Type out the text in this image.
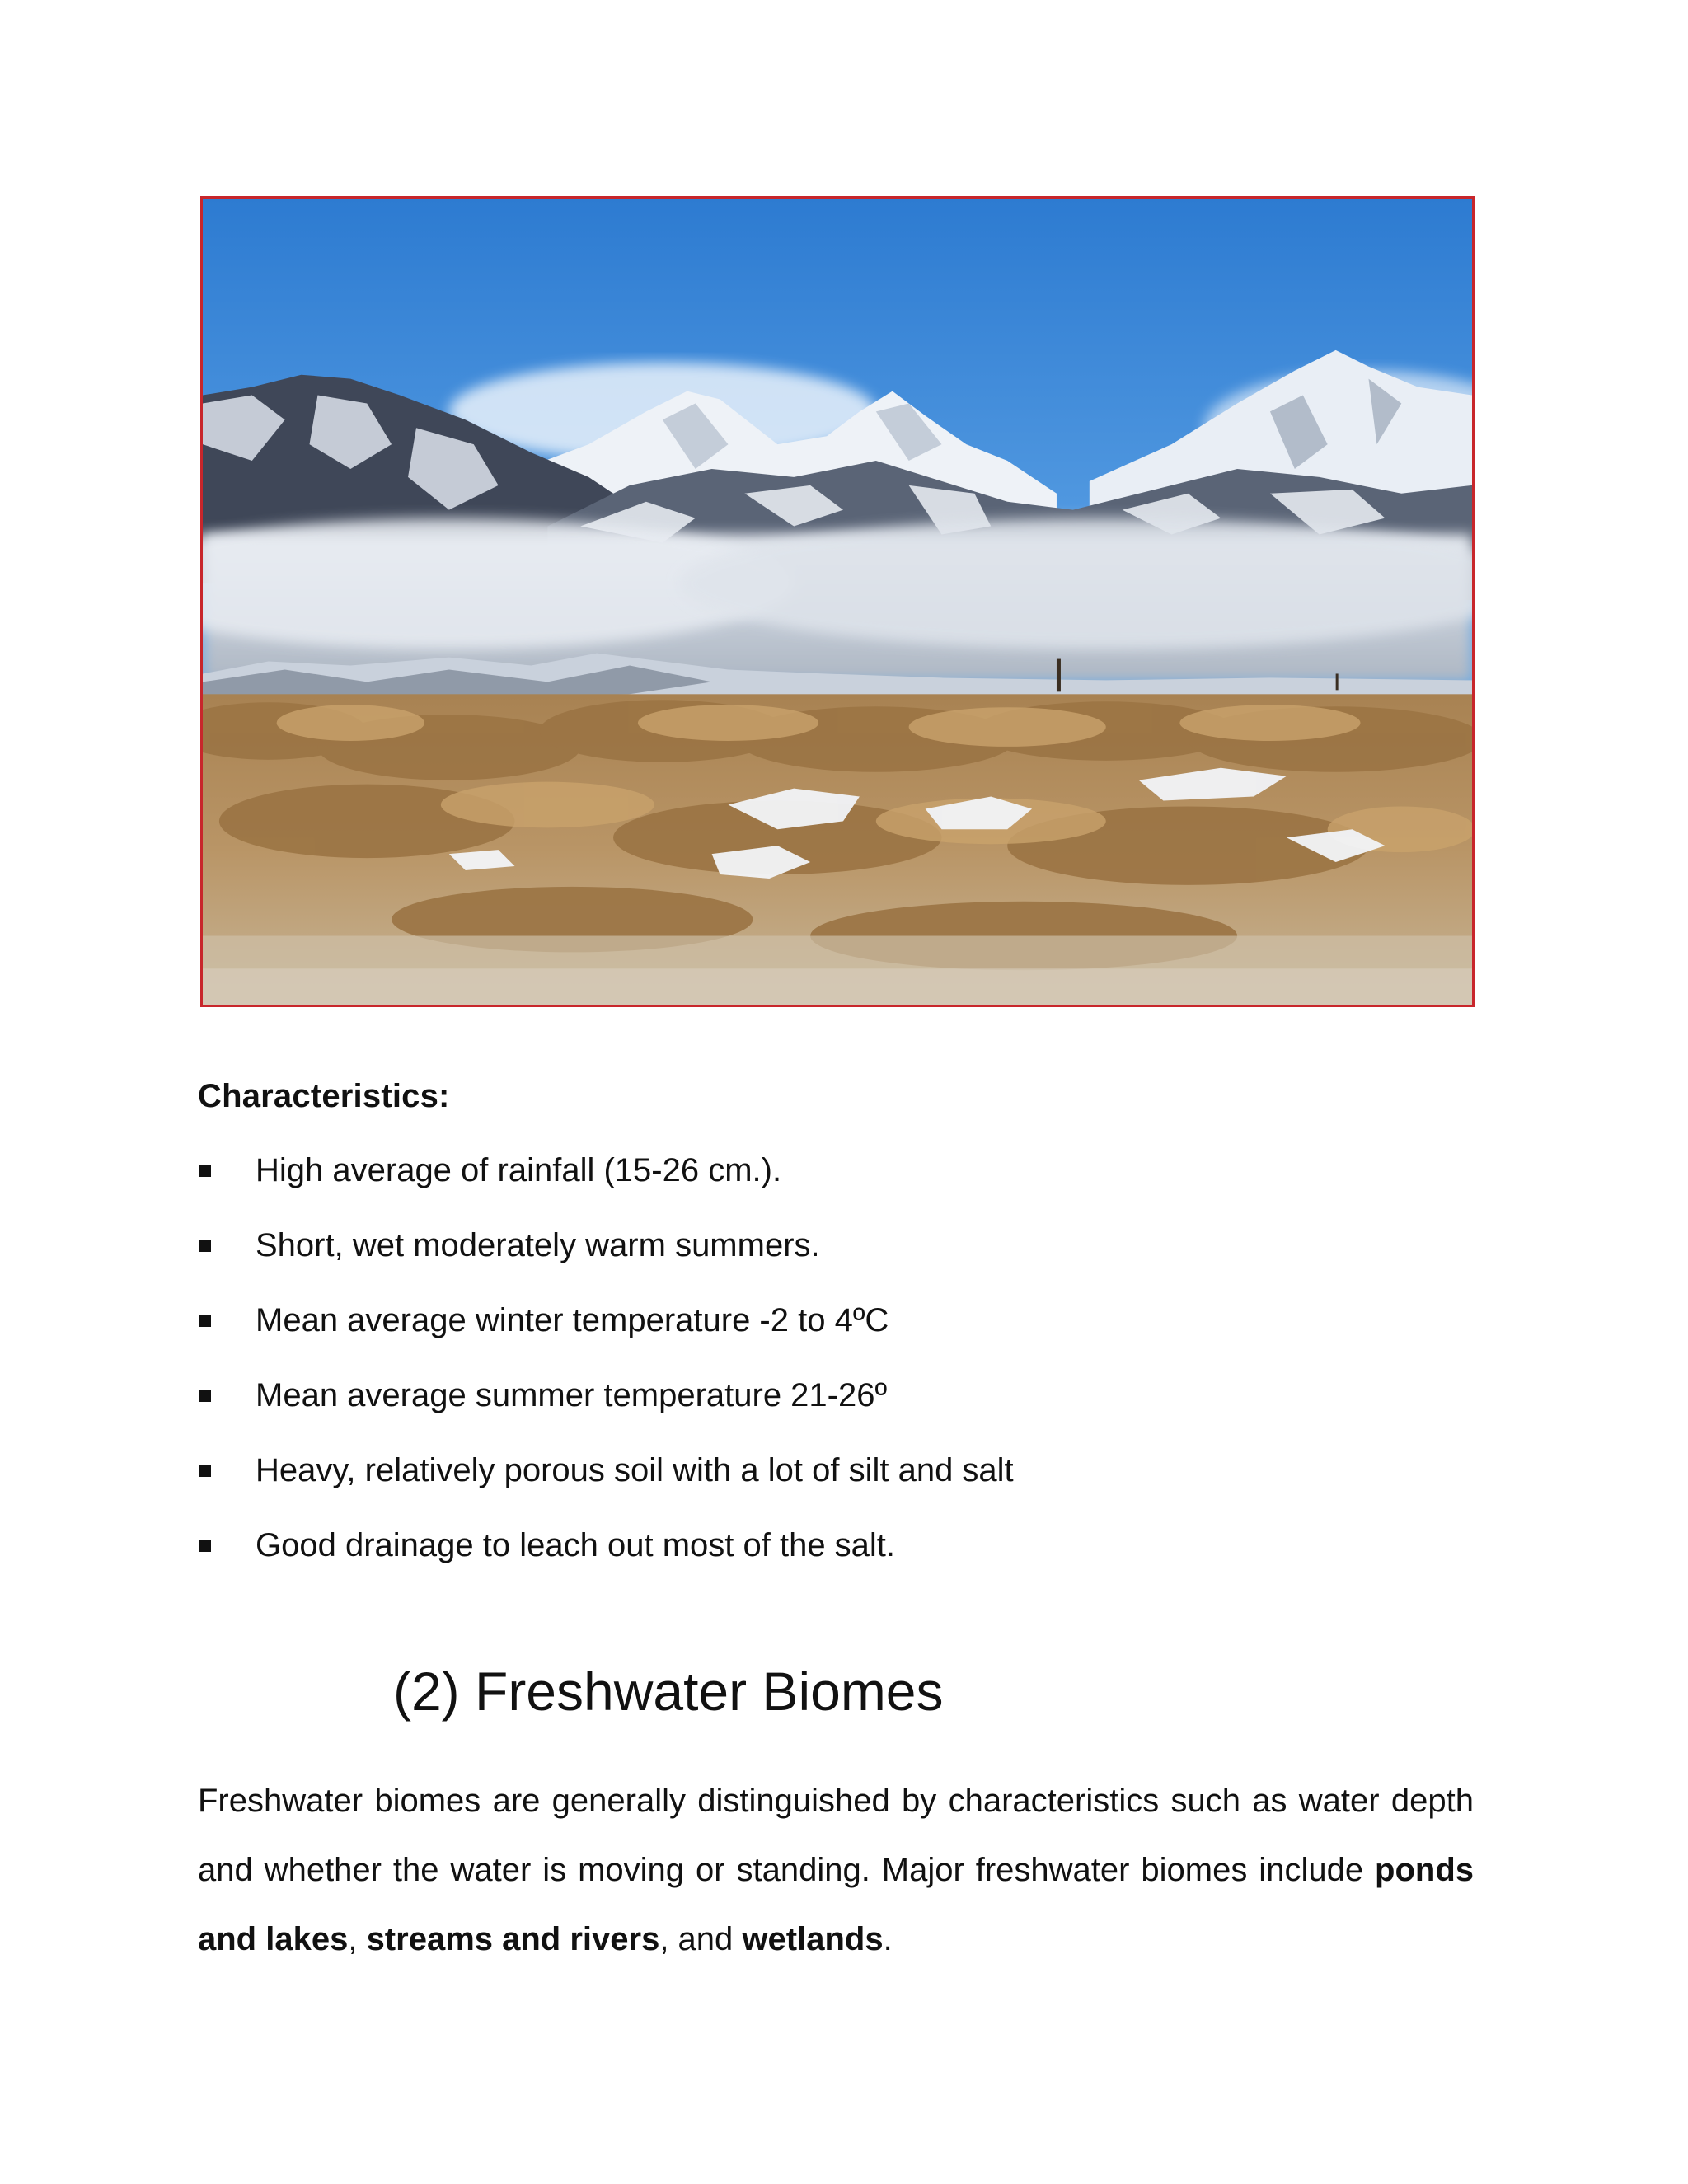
Characteristics:

High average of rainfall (15-26 cm.).
Short, wet moderately warm summers.
Mean average winter temperature -2 to 4ºC
Mean average summer temperature 21-26º
Heavy, relatively porous soil with a lot of silt and salt
Good drainage to leach out most of the salt.
(2) Freshwater Biomes

Freshwater biomes are generally distinguished by characteristics such as water depth and whether the water is moving or standing. Major freshwater biomes include ponds and lakes, streams and rivers, and wetlands.
